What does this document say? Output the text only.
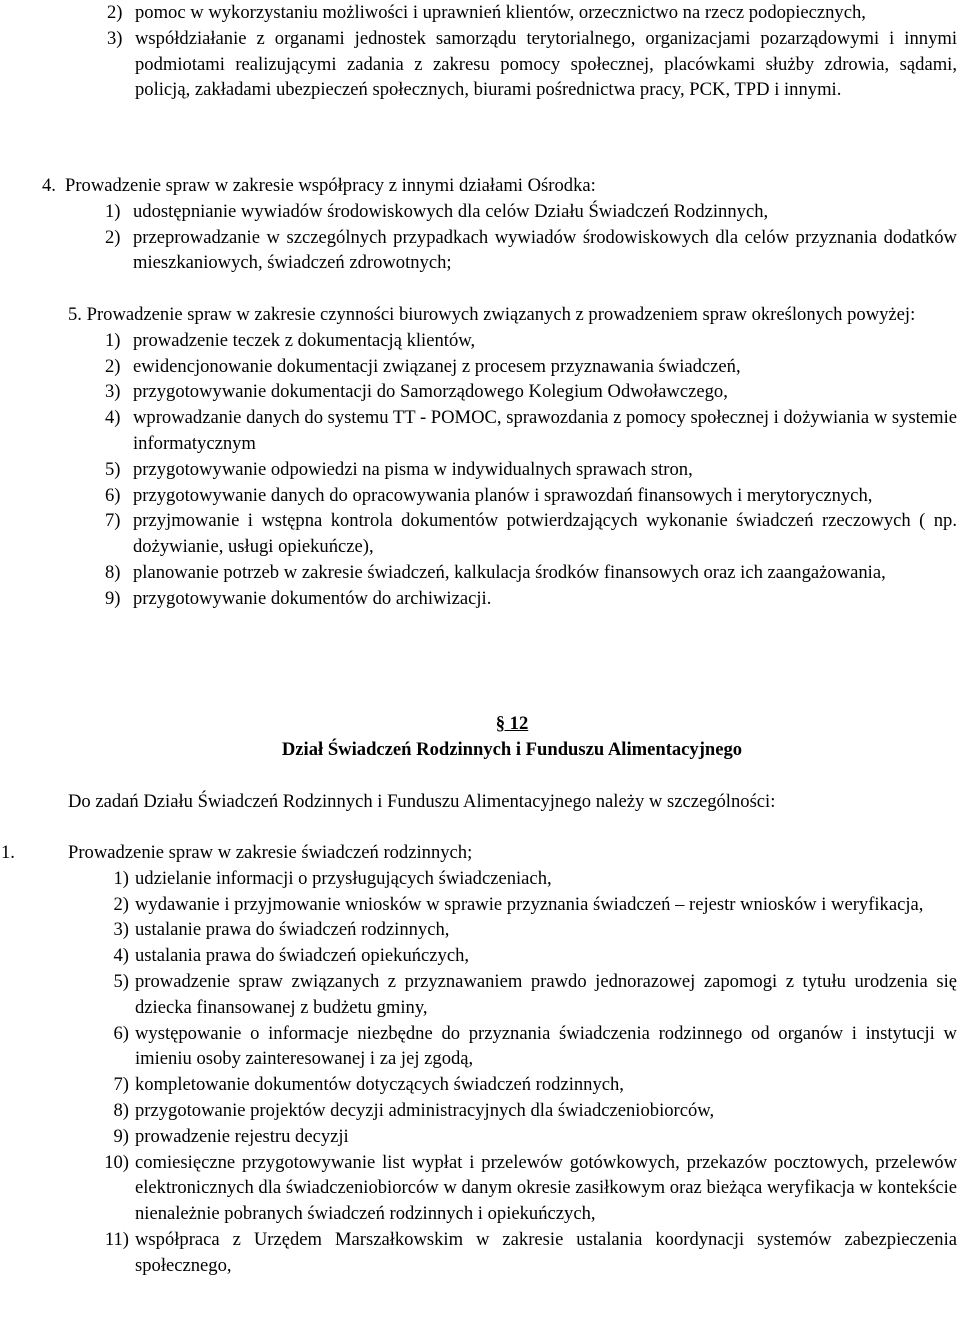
2) pomoc w wykorzystaniu możliwości i uprawnień klientów, orzecznictwo na rzecz podopiecznych,
3) współdziałanie z organami jednostek samorządu terytorialnego, organizacjami pozarządowymi i innymi podmiotami realizującymi zadania z zakresu pomocy społecznej, placówkami służby zdrowia, sądami, policją, zakładami ubezpieczeń społecznych, biurami pośrednictwa pracy, PCK, TPD i innymi.
4. Prowadzenie spraw w zakresie współpracy z innymi działami Ośrodka:
1) udostępnianie wywiadów środowiskowych dla celów Działu Świadczeń Rodzinnych,
2) przeprowadzanie w szczególnych przypadkach wywiadów środowiskowych dla celów przyznania dodatków mieszkaniowych, świadczeń zdrowotnych;
5. Prowadzenie spraw w zakresie czynności biurowych związanych z prowadzeniem spraw określonych powyżej:
1) prowadzenie teczek z dokumentacją klientów,
2) ewidencjonowanie dokumentacji związanej z procesem przyznawania świadczeń,
3) przygotowywanie dokumentacji do Samorządowego Kolegium Odwoławczego,
4) wprowadzanie danych do systemu TT - POMOC, sprawozdania z pomocy społecznej i dożywiania w systemie informatycznym
5) przygotowywanie odpowiedzi na pisma w indywidualnych sprawach stron,
6) przygotowywanie danych do opracowywania planów i sprawozdań finansowych i merytorycznych,
7) przyjmowanie i wstępna kontrola dokumentów potwierdzających wykonanie świadczeń rzeczowych ( np. dożywianie, usługi opiekuńcze),
8) planowanie potrzeb w zakresie świadczeń, kalkulacja środków finansowych oraz ich zaangażowania,
9) przygotowywanie dokumentów do archiwizacji.
§ 12
Dział Świadczeń Rodzinnych i Funduszu Alimentacyjnego
Do zadań Działu Świadczeń Rodzinnych i Funduszu Alimentacyjnego należy w szczególności:
1.	Prowadzenie spraw w zakresie świadczeń rodzinnych;
1) udzielanie informacji o przysługujących świadczeniach,
2) wydawanie i przyjmowanie wniosków w sprawie przyznania świadczeń – rejestr wniosków i weryfikacja,
3) ustalanie prawa do świadczeń rodzinnych,
4) ustalania prawa do świadczeń opiekuńczych,
5) prowadzenie spraw związanych z przyznawaniem prawdo jednorazowej zapomogi z tytułu urodzenia się dziecka finansowanej z budżetu gminy,
6) występowanie o informacje niezbędne do przyznania świadczenia rodzinnego od organów i instytucji w imieniu osoby zainteresowanej i za jej zgodą,
7) kompletowanie dokumentów dotyczących świadczeń rodzinnych,
8) przygotowanie projektów decyzji administracyjnych dla świadczeniobiorców,
9) prowadzenie rejestru decyzji
10) comiesięczne przygotowywanie list wypłat i przelewów gotówkowych, przekazów pocztowych, przelewów elektronicznych dla świadczeniobiorców w danym okresie zasiłkowym oraz bieżąca weryfikacja w kontekście nienależnie pobranych świadczeń rodzinnych i opiekuńczych,
11) współpraca z Urzędem Marszałkowskim w zakresie ustalania koordynacji systemów zabezpieczenia społecznego,
